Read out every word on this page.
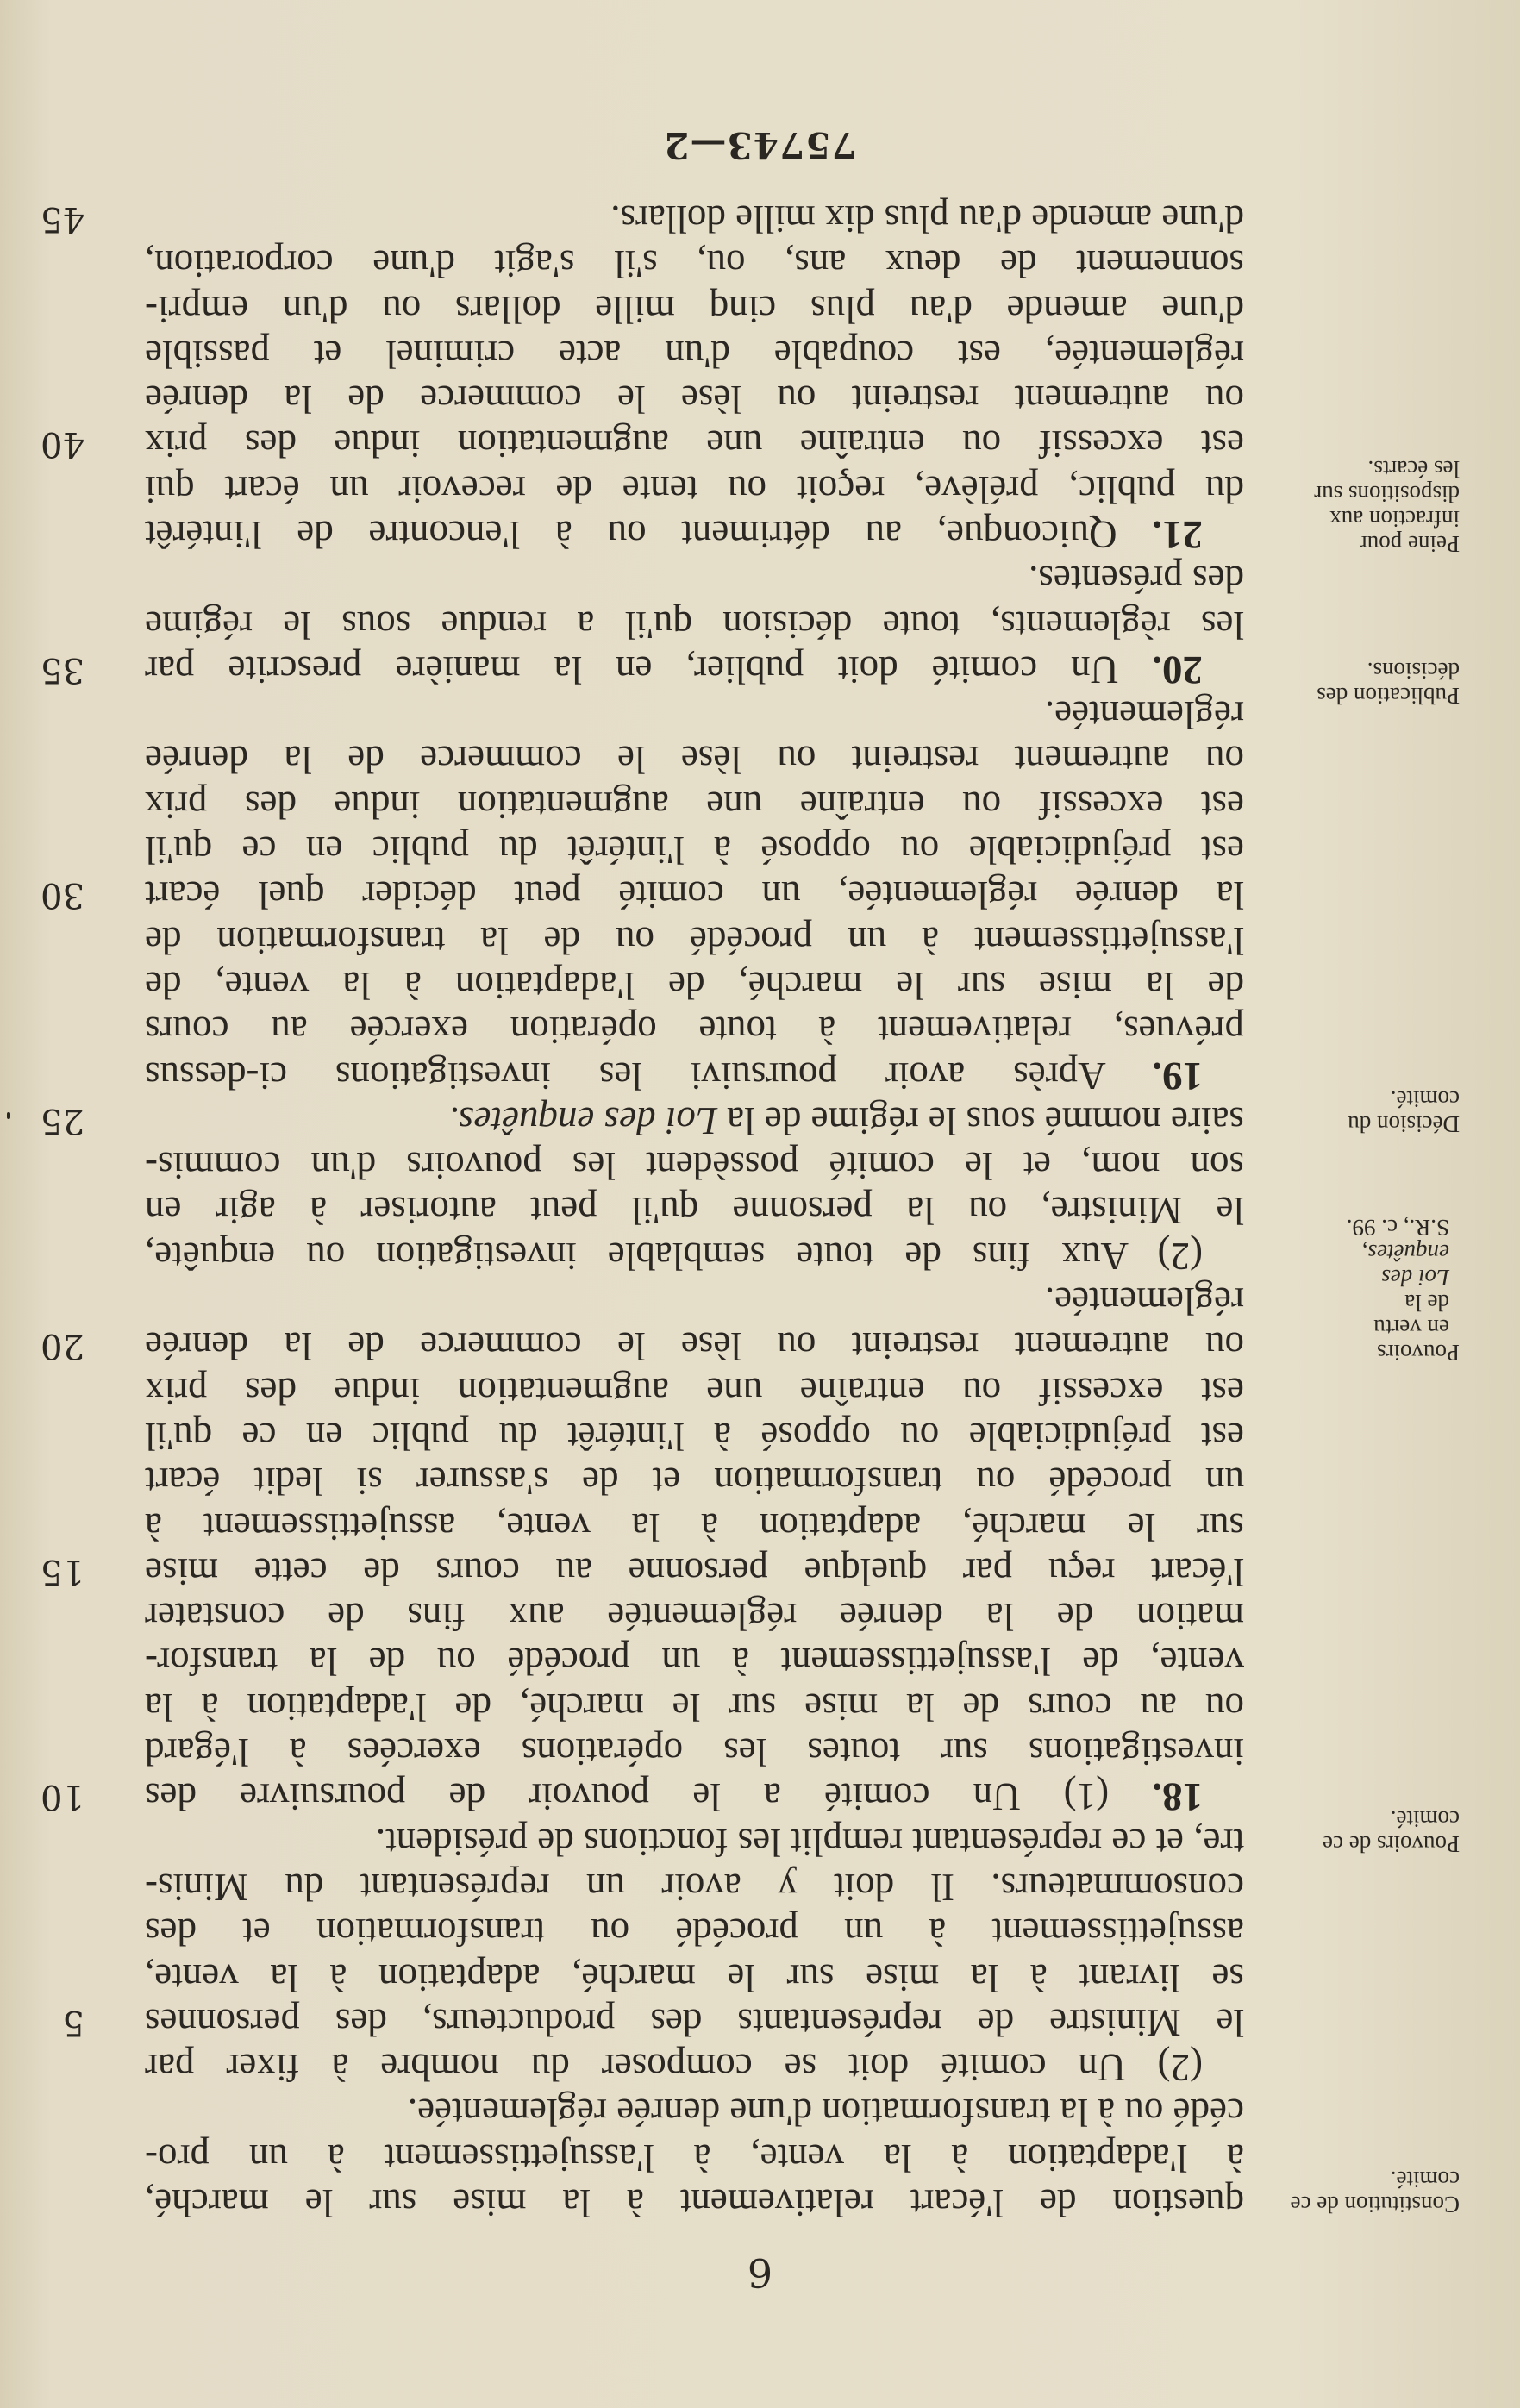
6
Constitution de ce comité.
Pouvoirs de ce comité.
Pouvoirs
en vertu
de la
Loi des
enquêtes,
S.R., c. 99.
Décision du comité.
Publication des décisions.
Peine pour infraction aux dispositions sur les écarts.
question de l'écart relativement à la mise sur le marché,
à l'adaptation à la vente, à l'assujettissement à un pro-
cédé ou à la transformation d'une denrée réglementée.
(2) Un comité doit se composer du nombre à fixer par
le Ministre de représentants des producteurs, des personnes
5
se livrant à la mise sur le marché, adaptation à la vente,
assujettissement à un procédé ou transformation et des
consommateurs. Il doit y avoir un représentant du Minis-
tre, et ce représentant remplit les fonctions de président.
18. (1) Un comité a le pouvoir de poursuivre des
10
investigations sur toutes les opérations exercées à l'égard
ou au cours de la mise sur le marché, de l'adaptation à la
vente, de l'assujettissement à un procédé ou de la transfor-
mation de la denrée réglementée aux fins de constater
l'écart reçu par quelque personne au cours de cette mise
15
sur le marché, adaptation à la vente, assujettissement à
un procédé ou transformation et de s'assurer si ledit écart
est préjudiciable ou opposé à l'intérêt du public en ce qu'il
est excessif ou entraîne une augmentation indue des prix
ou autrement restreint ou lèse le commerce de la denrée
20
réglementée.
(2) Aux fins de toute semblable investigation ou enquête,
le Ministre, ou la personne qu'il peut autoriser à agir en
son nom, et le comité possèdent les pouvoirs d'un commis-
saire nommé sous le régime de la Loi des enquêtes.
25
19. Après avoir poursuivi les investigations ci-dessus
prévues, relativement à toute opération exercée au cours
de la mise sur le marché, de l'adaptation à la vente, de
l'assujettissement à un procédé ou de la transformation de
la denrée réglementée, un comité peut décider quel écart
30
est préjudiciable ou opposé à l'intérêt du public en ce qu'il
est excessif ou entraîne une augmentation indue des prix
ou autrement restreint ou lèse le commerce de la denrée
réglementée.
20. Un comité doit publier, en la manière prescrite par
35
les règlements, toute décision qu'il a rendue sous le régime
des présentes.
21. Quiconque, au détriment ou à l'encontre de l'intérêt
du public, prélève, reçoit ou tente de recevoir un écart qui
est excessif ou entraîne une augmentation indue des prix
40
ou autrement restreint ou lèse le commerce de la denrée
réglementée, est coupable d'un acte criminel et passible
d'une amende d'au plus cinq mille dollars ou d'un empri-
sonnement de deux ans, ou, s'il s'agit d'une corporation,
d'une amende d'au plus dix mille dollars.
45
75743—2
